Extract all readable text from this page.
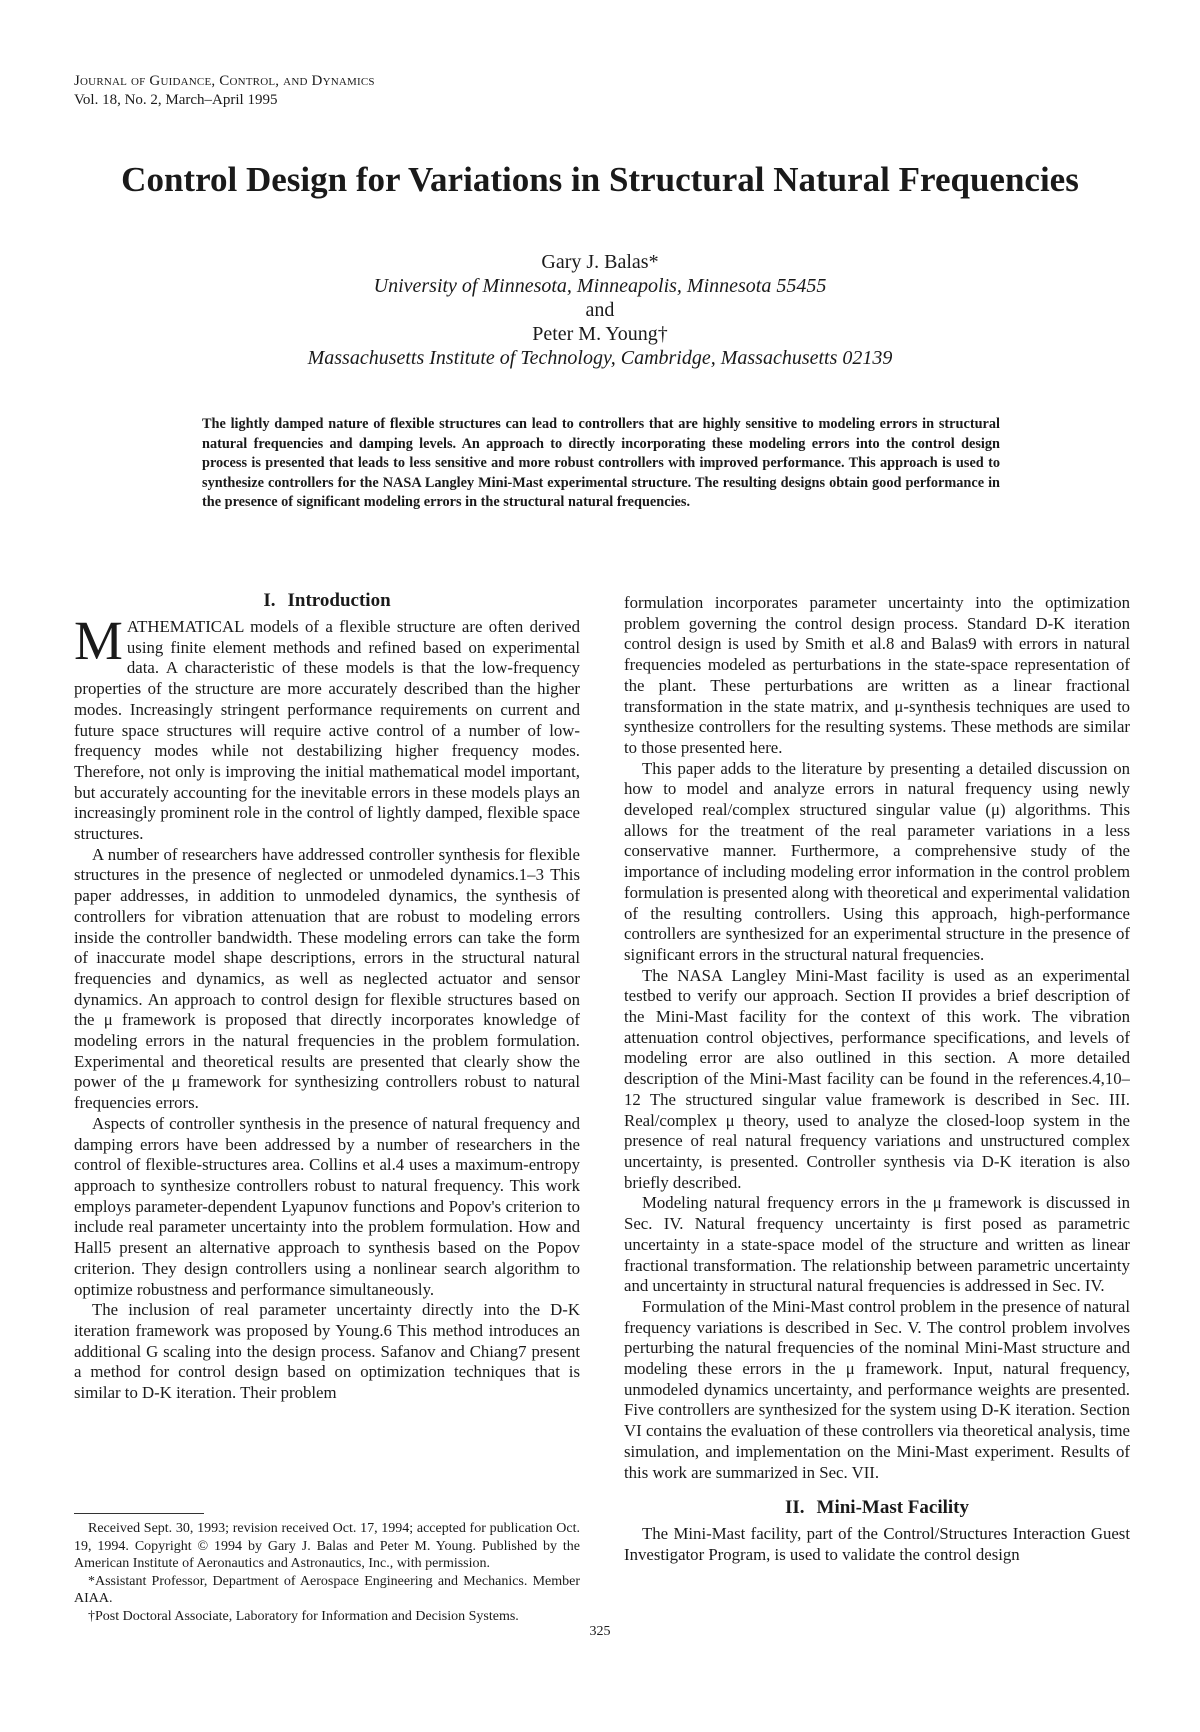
Journal of Guidance, Control, and Dynamics
Vol. 18, No. 2, March–April 1995
Control Design for Variations in Structural Natural Frequencies
Gary J. Balas*
University of Minnesota, Minneapolis, Minnesota 55455
and
Peter M. Young†
Massachusetts Institute of Technology, Cambridge, Massachusetts 02139
The lightly damped nature of flexible structures can lead to controllers that are highly sensitive to modeling errors in structural natural frequencies and damping levels. An approach to directly incorporating these modeling errors into the control design process is presented that leads to less sensitive and more robust controllers with improved performance. This approach is used to synthesize controllers for the NASA Langley Mini-Mast experimental structure. The resulting designs obtain good performance in the presence of significant modeling errors in the structural natural frequencies.
I. Introduction

MATHEMATICAL models of a flexible structure are often derived using finite element methods and refined based on experimental data. A characteristic of these models is that the low-frequency properties of the structure are more accurately described than the higher modes. Increasingly stringent performance requirements on current and future space structures will require active control of a number of low-frequency modes while not destabilizing higher frequency modes. Therefore, not only is improving the initial mathematical model important, but accurately accounting for the inevitable errors in these models plays an increasingly prominent role in the control of lightly damped, flexible space structures.

A number of researchers have addressed controller synthesis for flexible structures in the presence of neglected or unmodeled dynamics.1–3 This paper addresses, in addition to unmodeled dynamics, the synthesis of controllers for vibration attenuation that are robust to modeling errors inside the controller bandwidth. These modeling errors can take the form of inaccurate model shape descriptions, errors in the structural natural frequencies and dynamics, as well as neglected actuator and sensor dynamics. An approach to control design for flexible structures based on the μ framework is proposed that directly incorporates knowledge of modeling errors in the natural frequencies in the problem formulation. Experimental and theoretical results are presented that clearly show the power of the μ framework for synthesizing controllers robust to natural frequencies errors.

Aspects of controller synthesis in the presence of natural frequency and damping errors have been addressed by a number of researchers in the control of flexible-structures area. Collins et al.4 uses a maximum-entropy approach to synthesize controllers robust to natural frequency. This work employs parameter-dependent Lyapunov functions and Popov's criterion to include real parameter uncertainty into the problem formulation. How and Hall5 present an alternative approach to synthesis based on the Popov criterion. They design controllers using a nonlinear search algorithm to optimize robustness and performance simultaneously.

The inclusion of real parameter uncertainty directly into the D-K iteration framework was proposed by Young.6 This method introduces an additional G scaling into the design process. Safanov and Chiang7 present a method for control design based on optimization techniques that is similar to D-K iteration. Their problem

formulation incorporates parameter uncertainty into the optimization problem governing the control design process. Standard D-K iteration control design is used by Smith et al.8 and Balas9 with errors in natural frequencies modeled as perturbations in the state-space representation of the plant. These perturbations are written as a linear fractional transformation in the state matrix, and μ-synthesis techniques are used to synthesize controllers for the resulting systems. These methods are similar to those presented here.

This paper adds to the literature by presenting a detailed discussion on how to model and analyze errors in natural frequency using newly developed real/complex structured singular value (μ) algorithms. This allows for the treatment of the real parameter variations in a less conservative manner. Furthermore, a comprehensive study of the importance of including modeling error information in the control problem formulation is presented along with theoretical and experimental validation of the resulting controllers. Using this approach, high-performance controllers are synthesized for an experimental structure in the presence of significant errors in the structural natural frequencies.

The NASA Langley Mini-Mast facility is used as an experimental testbed to verify our approach. Section II provides a brief description of the Mini-Mast facility for the context of this work. The vibration attenuation control objectives, performance specifications, and levels of modeling error are also outlined in this section. A more detailed description of the Mini-Mast facility can be found in the references.4,10–12 The structured singular value framework is described in Sec. III. Real/complex μ theory, used to analyze the closed-loop system in the presence of real natural frequency variations and unstructured complex uncertainty, is presented. Controller synthesis via D-K iteration is also briefly described.

Modeling natural frequency errors in the μ framework is discussed in Sec. IV. Natural frequency uncertainty is first posed as parametric uncertainty in a state-space model of the structure and written as linear fractional transformation. The relationship between parametric uncertainty and uncertainty in structural natural frequencies is addressed in Sec. IV.

Formulation of the Mini-Mast control problem in the presence of natural frequency variations is described in Sec. V. The control problem involves perturbing the natural frequencies of the nominal Mini-Mast structure and modeling these errors in the μ framework. Input, natural frequency, unmodeled dynamics uncertainty, and performance weights are presented. Five controllers are synthesized for the system using D-K iteration. Section VI contains the evaluation of these controllers via theoretical analysis, time simulation, and implementation on the Mini-Mast experiment. Results of this work are summarized in Sec. VII.

II. Mini-Mast Facility

The Mini-Mast facility, part of the Control/Structures Interaction Guest Investigator Program, is used to validate the control design

Received Sept. 30, 1993; revision received Oct. 17, 1994; accepted for publication Oct. 19, 1994. Copyright © 1994 by Gary J. Balas and Peter M. Young. Published by the American Institute of Aeronautics and Astronautics, Inc., with permission.

*Assistant Professor, Department of Aerospace Engineering and Mechanics. Member AIAA.

†Post Doctoral Associate, Laboratory for Information and Decision Systems.

325
